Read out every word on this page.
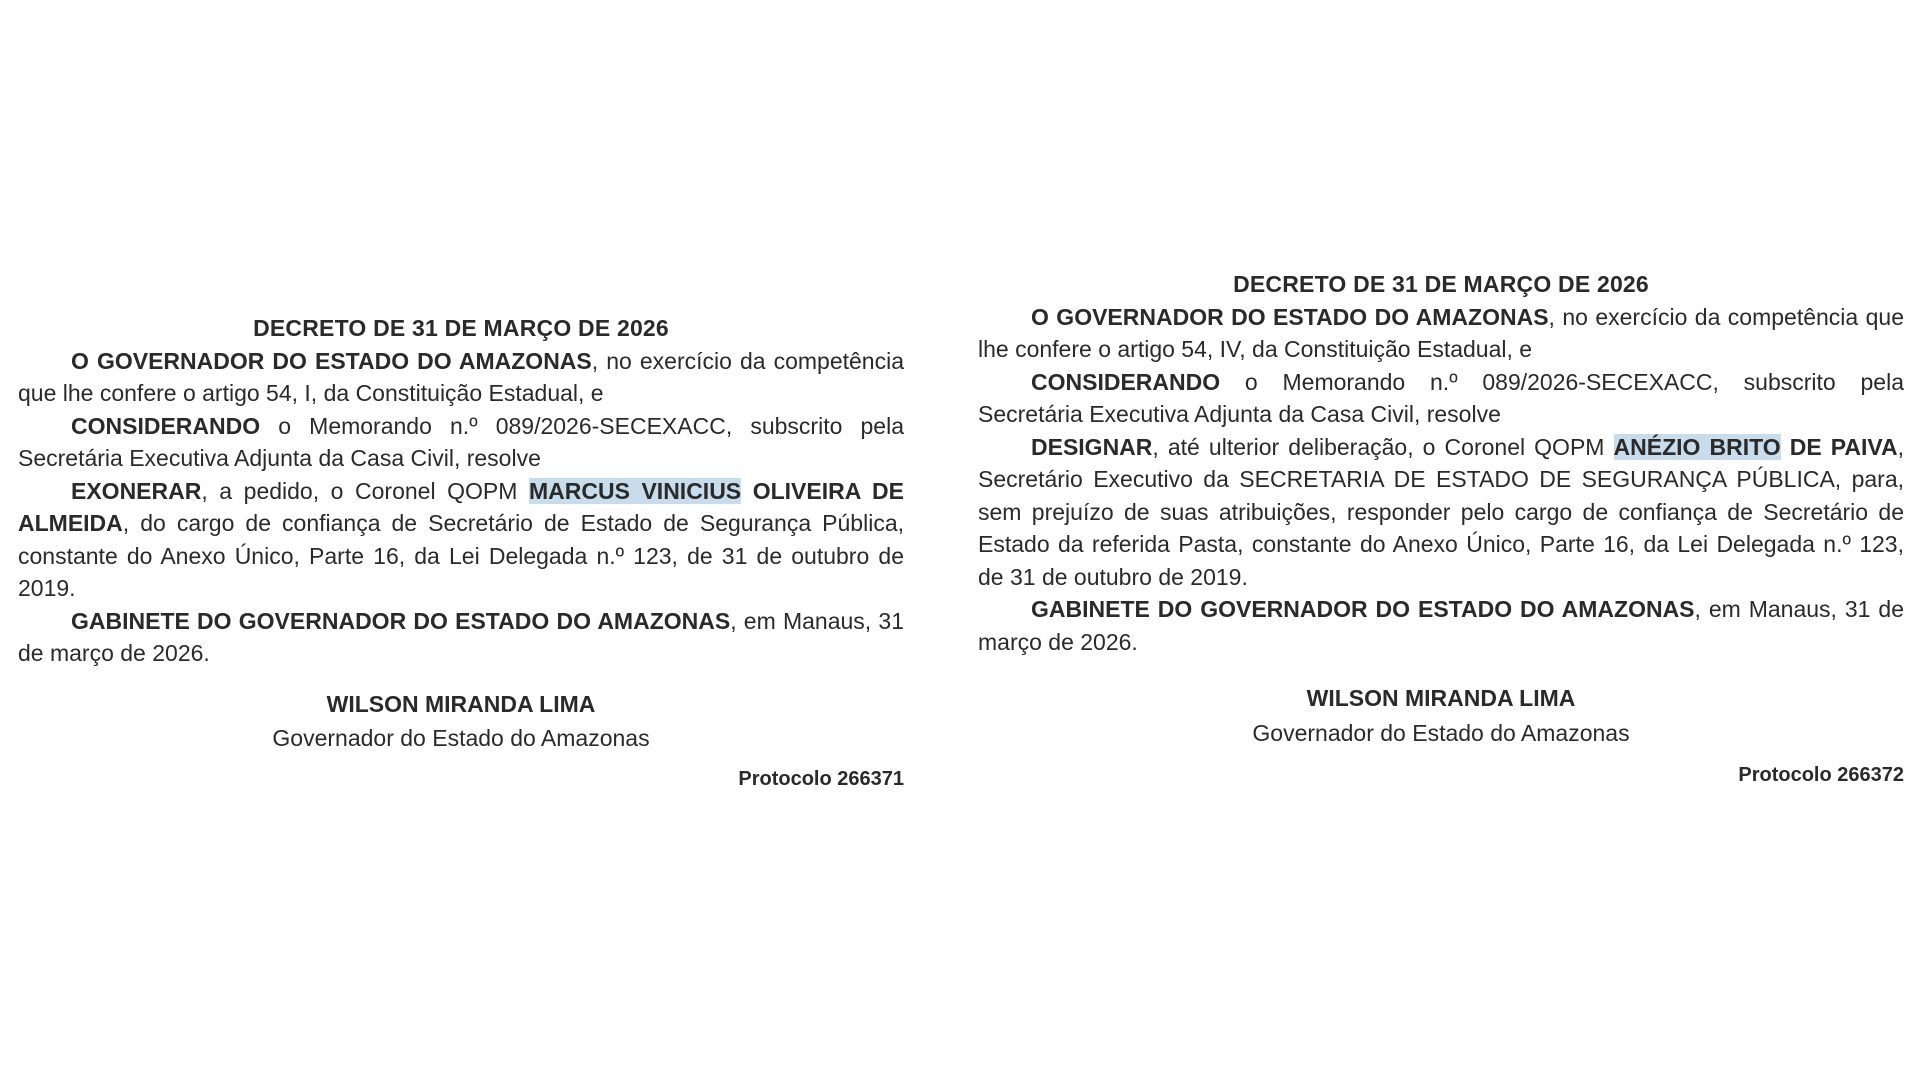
DECRETO DE 31 DE MARÇO DE 2026

O GOVERNADOR DO ESTADO DO AMAZONAS, no exercício da competência que lhe confere o artigo 54, I, da Constituição Estadual, e

CONSIDERANDO o Memorando n.º 089/2026-SECEXACC, subscrito pela Secretária Executiva Adjunta da Casa Civil, resolve

EXONERAR, a pedido, o Coronel QOPM MARCUS VINICIUS OLIVEIRA DE ALMEIDA, do cargo de confiança de Secretário de Estado de Segurança Pública, constante do Anexo Único, Parte 16, da Lei Delegada n.º 123, de 31 de outubro de 2019.

GABINETE DO GOVERNADOR DO ESTADO DO AMAZONAS, em Manaus, 31 de março de 2026.

WILSON MIRANDA LIMA
Governador do Estado do Amazonas
Protocolo 266371
DECRETO DE 31 DE MARÇO DE 2026

O GOVERNADOR DO ESTADO DO AMAZONAS, no exercício da competência que lhe confere o artigo 54, IV, da Constituição Estadual, e

CONSIDERANDO o Memorando n.º 089/2026-SECEXACC, subscrito pela Secretária Executiva Adjunta da Casa Civil, resolve

DESIGNAR, até ulterior deliberação, o Coronel QOPM ANÉZIO BRITO DE PAIVA, Secretário Executivo da SECRETARIA DE ESTADO DE SEGURANÇA PÚBLICA, para, sem prejuízo de suas atribuições, responder pelo cargo de confiança de Secretário de Estado da referida Pasta, constante do Anexo Único, Parte 16, da Lei Delegada n.º 123, de 31 de outubro de 2019.

GABINETE DO GOVERNADOR DO ESTADO DO AMAZONAS, em Manaus, 31 de março de 2026.

WILSON MIRANDA LIMA
Governador do Estado do Amazonas
Protocolo 266372
